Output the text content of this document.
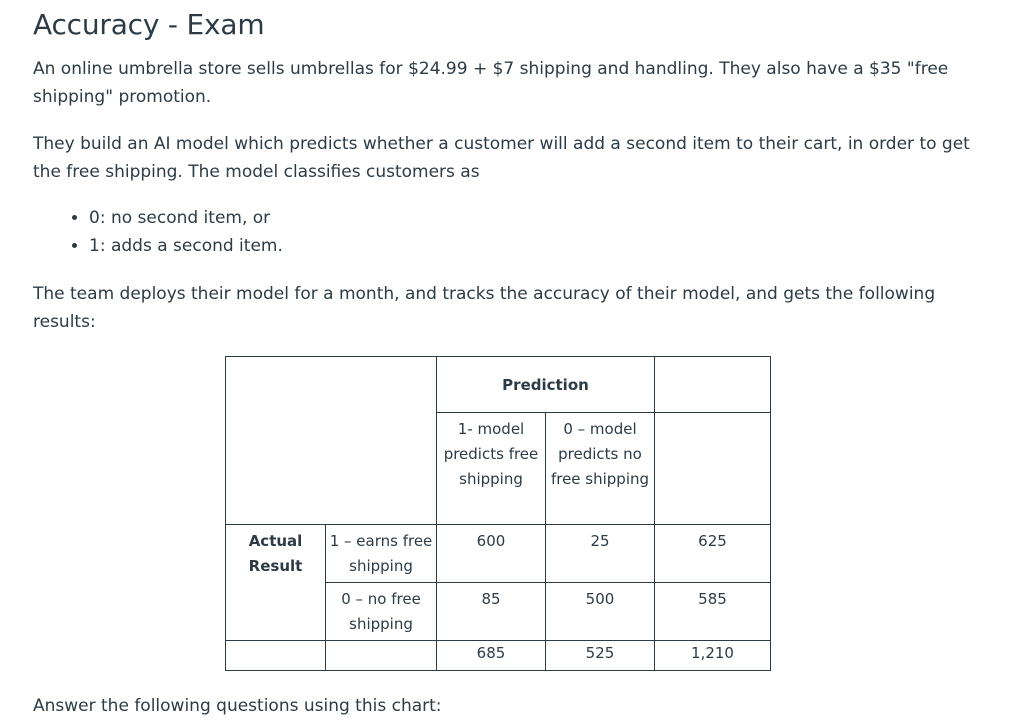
Accuracy - Exam

An online umbrella store sells umbrellas for $24.99 + $7 shipping and handling. They also have a $35 "free shipping" promotion.

They build an AI model which predicts whether a customer will add a second item to their cart, in order to get the free shipping. The model classifies customers as

• 0: no second item, or
• 1: adds a second item.

The team deploys their model for a month, and tracks the accuracy of their model, and gets the following results:

Answer the following questions using this chart:

		Prediction		
		1- model predicts free shipping	0 – model predicts no free shipping	
Actual
Result	1 – earns free shipping	600	25	625
	0 – no free shipping	85	500	585
		685	525	1,210
